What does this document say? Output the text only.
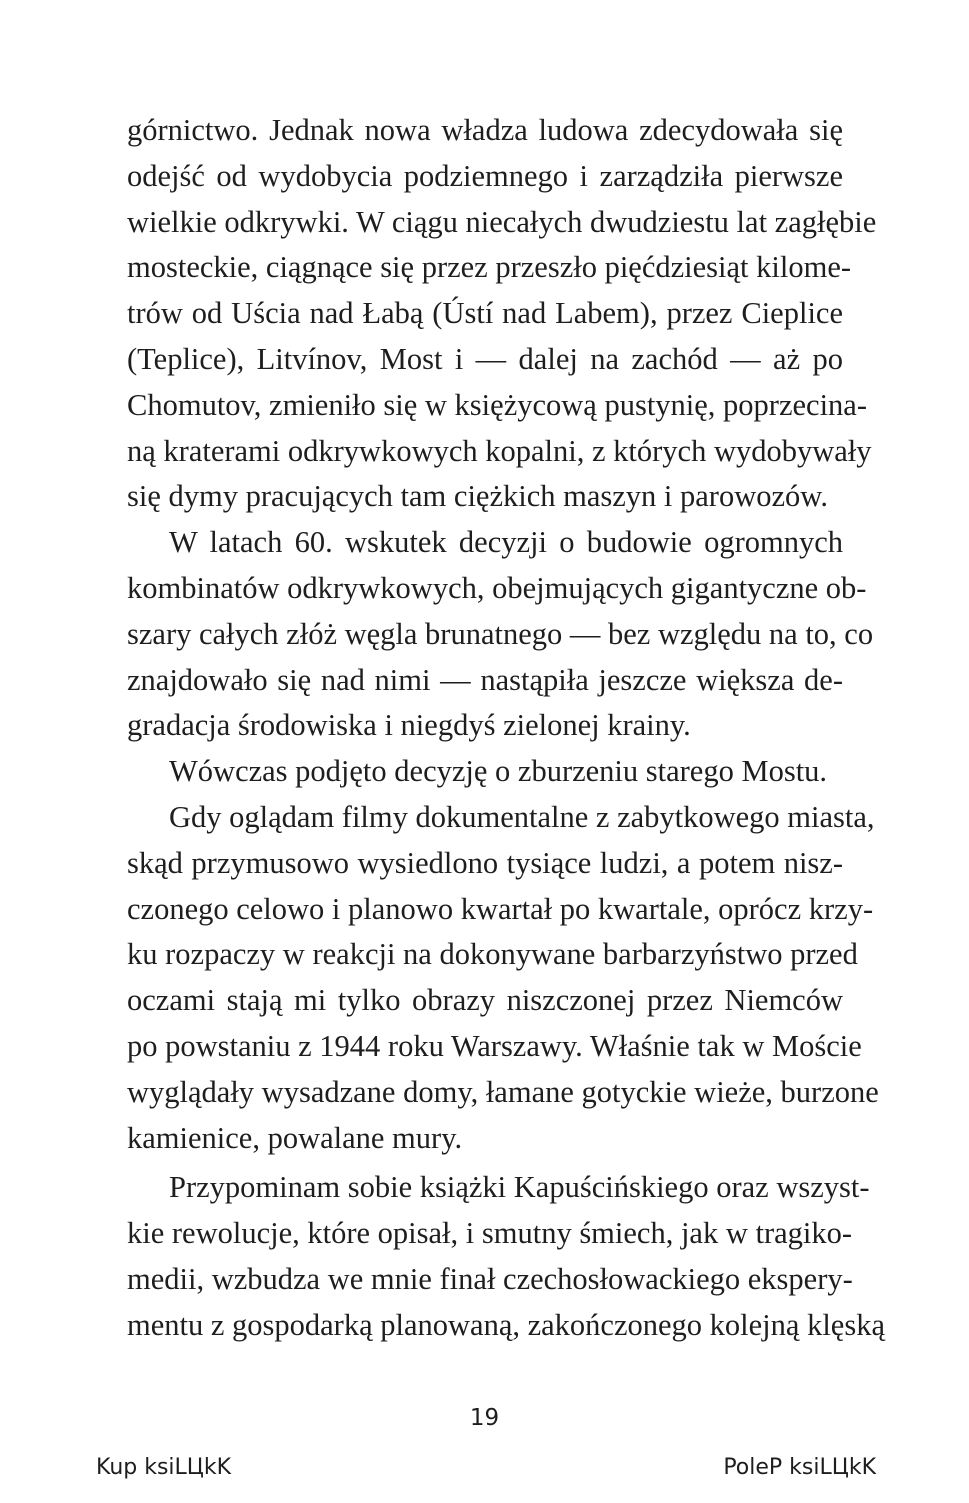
górnictwo. Jednak nowa władza ludowa zdecydowała się
odejść od wydobycia podziemnego i zarządziła pierwsze
wielkie odkrywki. W ciągu niecałych dwudziestu lat zagłębie
mosteckie, ciągnące się przez przeszło pięćdziesiąt kilome-
trów od Uścia nad Łabą (Ústí nad Labem), przez Cieplice
(Teplice), Litvínov, Most i — dalej na zachód — aż po
Chomutov, zmieniło się w księżycową pustynię, poprzecina-
ną kraterami odkrywkowych kopalni, z których wydobywały
się dymy pracujących tam ciężkich maszyn i parowozów.
W latach 60. wskutek decyzji o budowie ogromnych
kombinatów odkrywkowych, obejmujących gigantyczne ob-
szary całych złóż węgla brunatnego — bez względu na to, co
znajdowało się nad nimi — nastąpiła jeszcze większa de-
gradacja środowiska i niegdyś zielonej krainy.
Wówczas podjęto decyzję o zburzeniu starego Mostu.
Gdy oglądam filmy dokumentalne z zabytkowego miasta,
skąd przymusowo wysiedlono tysiące ludzi, a potem nisz-
czonego celowo i planowo kwartał po kwartale, oprócz krzy-
ku rozpaczy w reakcji na dokonywane barbarzyństwo przed
oczami stają mi tylko obrazy niszczonej przez Niemców
po powstaniu z 1944 roku Warszawy. Właśnie tak w Moście
wyglądały wysadzane domy, łamane gotyckie wieże, burzone
kamienice, powalane mury.
Przypominam sobie książki Kapuścińskiego oraz wszyst-
kie rewolucje, które opisał, i smutny śmiech, jak w tragiko-
medii, wzbudza we mnie finał czechosłowackiego ekspery-
mentu z gospodarką planowaną, zakończonego kolejną klęską
19
Kup ksiLЦkK	PoleP ksiLЦkK
